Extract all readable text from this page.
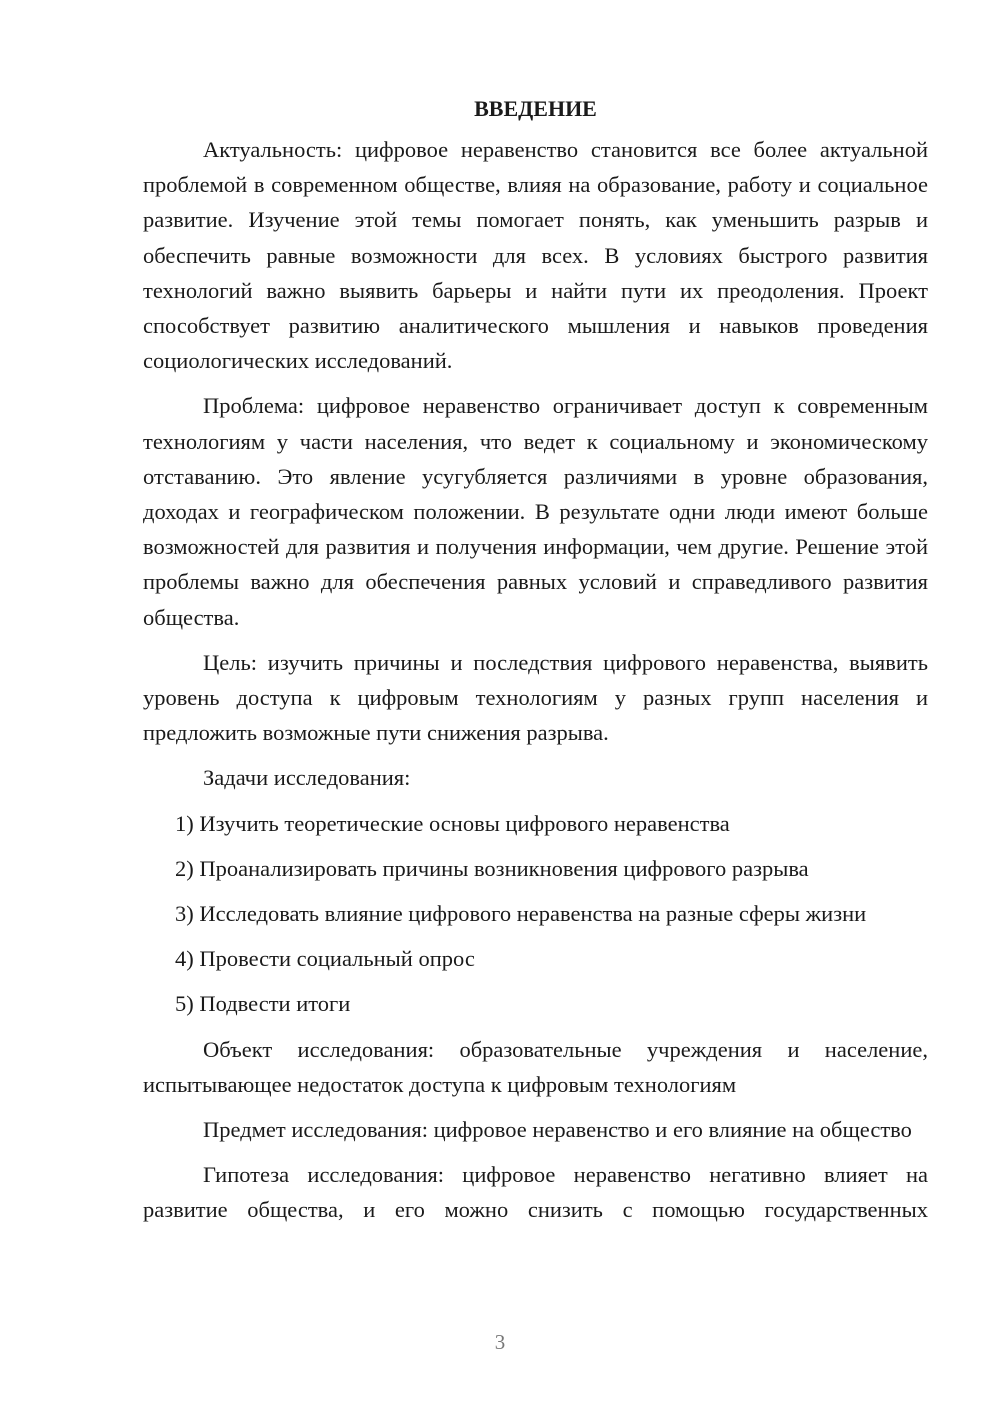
ВВЕДЕНИЕ

Актуальность: цифровое неравенство становится все более актуальной проблемой в современном обществе, влияя на образование, работу и социальное развитие. Изучение этой темы помогает понять, как уменьшить разрыв и обеспечить равные возможности для всех. В условиях быстрого развития технологий важно выявить барьеры и найти пути их преодоления. Проект способствует развитию аналитического мышления и навыков проведения социологических исследований.

Проблема: цифровое неравенство ограничивает доступ к современным технологиям у части населения, что ведет к социальному и экономическому отставанию. Это явление усугубляется различиями в уровне образования, доходах и географическом положении. В результате одни люди имеют больше возможностей для развития и получения информации, чем другие. Решение этой проблемы важно для обеспечения равных условий и справедливого развития общества.

Цель: изучить причины и последствия цифрового неравенства, выявить уровень доступа к цифровым технологиям у разных групп населения и предложить возможные пути снижения разрыва.

Задачи исследования:

1) Изучить теоретические основы цифрового неравенства
2) Проанализировать причины возникновения цифрового разрыва
3) Исследовать влияние цифрового неравенства на разные сферы жизни
4) Провести социальный опрос
5) Подвести итоги

Объект исследования: образовательные учреждения и население, испытывающее недостаток доступа к цифровым технологиям

Предмет исследования: цифровое неравенство и его влияние на общество

Гипотеза исследования: цифровое неравенство негативно влияет на развитие общества, и его можно снизить с помощью государственных

3
